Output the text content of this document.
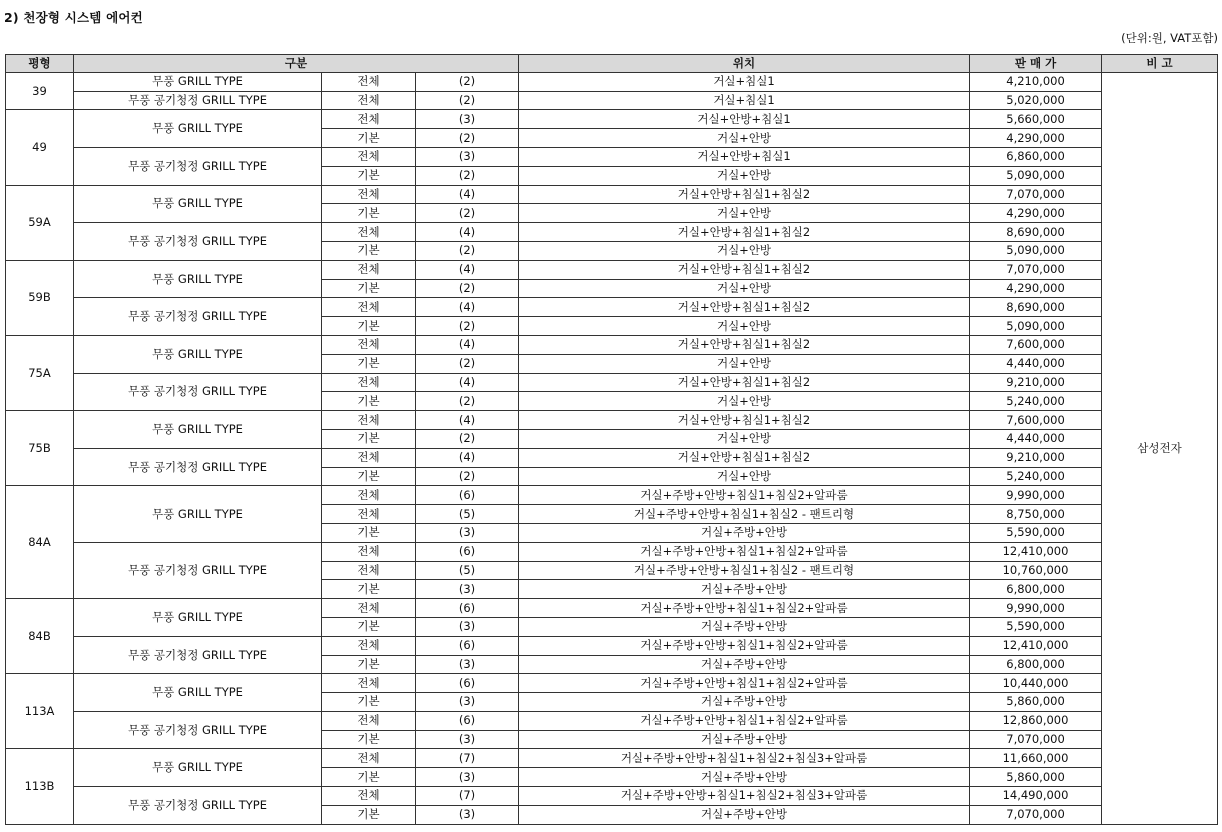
2) 천장형 시스템 에어컨
(단위:원, VAT포함)
평형	구분			위치	판 매 가	비 고
39	무풍 GRILL TYPE	전체	(2)	거실+침실1	4,210,000	삼성전자
	무풍 공기청정 GRILL TYPE	전체	(2)	거실+침실1	5,020,000	
49	무풍 GRILL TYPE	전체	(3)	거실+안방+침실1	5,660,000	
		기본	(2)	거실+안방	4,290,000	
	무풍 공기청정 GRILL TYPE	전체	(3)	거실+안방+침실1	6,860,000	
		기본	(2)	거실+안방	5,090,000	
59A	무풍 GRILL TYPE	전체	(4)	거실+안방+침실1+침실2	7,070,000	
		기본	(2)	거실+안방	4,290,000	
	무풍 공기청정 GRILL TYPE	전체	(4)	거실+안방+침실1+침실2	8,690,000	
		기본	(2)	거실+안방	5,090,000	
59B	무풍 GRILL TYPE	전체	(4)	거실+안방+침실1+침실2	7,070,000	
		기본	(2)	거실+안방	4,290,000	
	무풍 공기청정 GRILL TYPE	전체	(4)	거실+안방+침실1+침실2	8,690,000	
		기본	(2)	거실+안방	5,090,000	
75A	무풍 GRILL TYPE	전체	(4)	거실+안방+침실1+침실2	7,600,000	
		기본	(2)	거실+안방	4,440,000	
	무풍 공기청정 GRILL TYPE	전체	(4)	거실+안방+침실1+침실2	9,210,000	
		기본	(2)	거실+안방	5,240,000	
75B	무풍 GRILL TYPE	전체	(4)	거실+안방+침실1+침실2	7,600,000	
		기본	(2)	거실+안방	4,440,000	
	무풍 공기청정 GRILL TYPE	전체	(4)	거실+안방+침실1+침실2	9,210,000	
		기본	(2)	거실+안방	5,240,000	
84A	무풍 GRILL TYPE	전체	(6)	거실+주방+안방+침실1+침실2+알파룸	9,990,000	
		전체	(5)	거실+주방+안방+침실1+침실2 - 팬트리형	8,750,000	
		기본	(3)	거실+주방+안방	5,590,000	
	무풍 공기청정 GRILL TYPE	전체	(6)	거실+주방+안방+침실1+침실2+알파룸	12,410,000	
		전체	(5)	거실+주방+안방+침실1+침실2 - 팬트리형	10,760,000	
		기본	(3)	거실+주방+안방	6,800,000	
84B	무풍 GRILL TYPE	전체	(6)	거실+주방+안방+침실1+침실2+알파룸	9,990,000	
		기본	(3)	거실+주방+안방	5,590,000	
	무풍 공기청정 GRILL TYPE	전체	(6)	거실+주방+안방+침실1+침실2+알파룸	12,410,000	
		기본	(3)	거실+주방+안방	6,800,000	
113A	무풍 GRILL TYPE	전체	(6)	거실+주방+안방+침실1+침실2+알파룸	10,440,000	
		기본	(3)	거실+주방+안방	5,860,000	
	무풍 공기청정 GRILL TYPE	전체	(6)	거실+주방+안방+침실1+침실2+알파룸	12,860,000	
		기본	(3)	거실+주방+안방	7,070,000	
113B	무풍 GRILL TYPE	전체	(7)	거실+주방+안방+침실1+침실2+침실3+알파룸	11,660,000	
		기본	(3)	거실+주방+안방	5,860,000	
	무풍 공기청정 GRILL TYPE	전체	(7)	거실+주방+안방+침실1+침실2+침실3+알파룸	14,490,000	
		기본	(3)	거실+주방+안방	7,070,000	
